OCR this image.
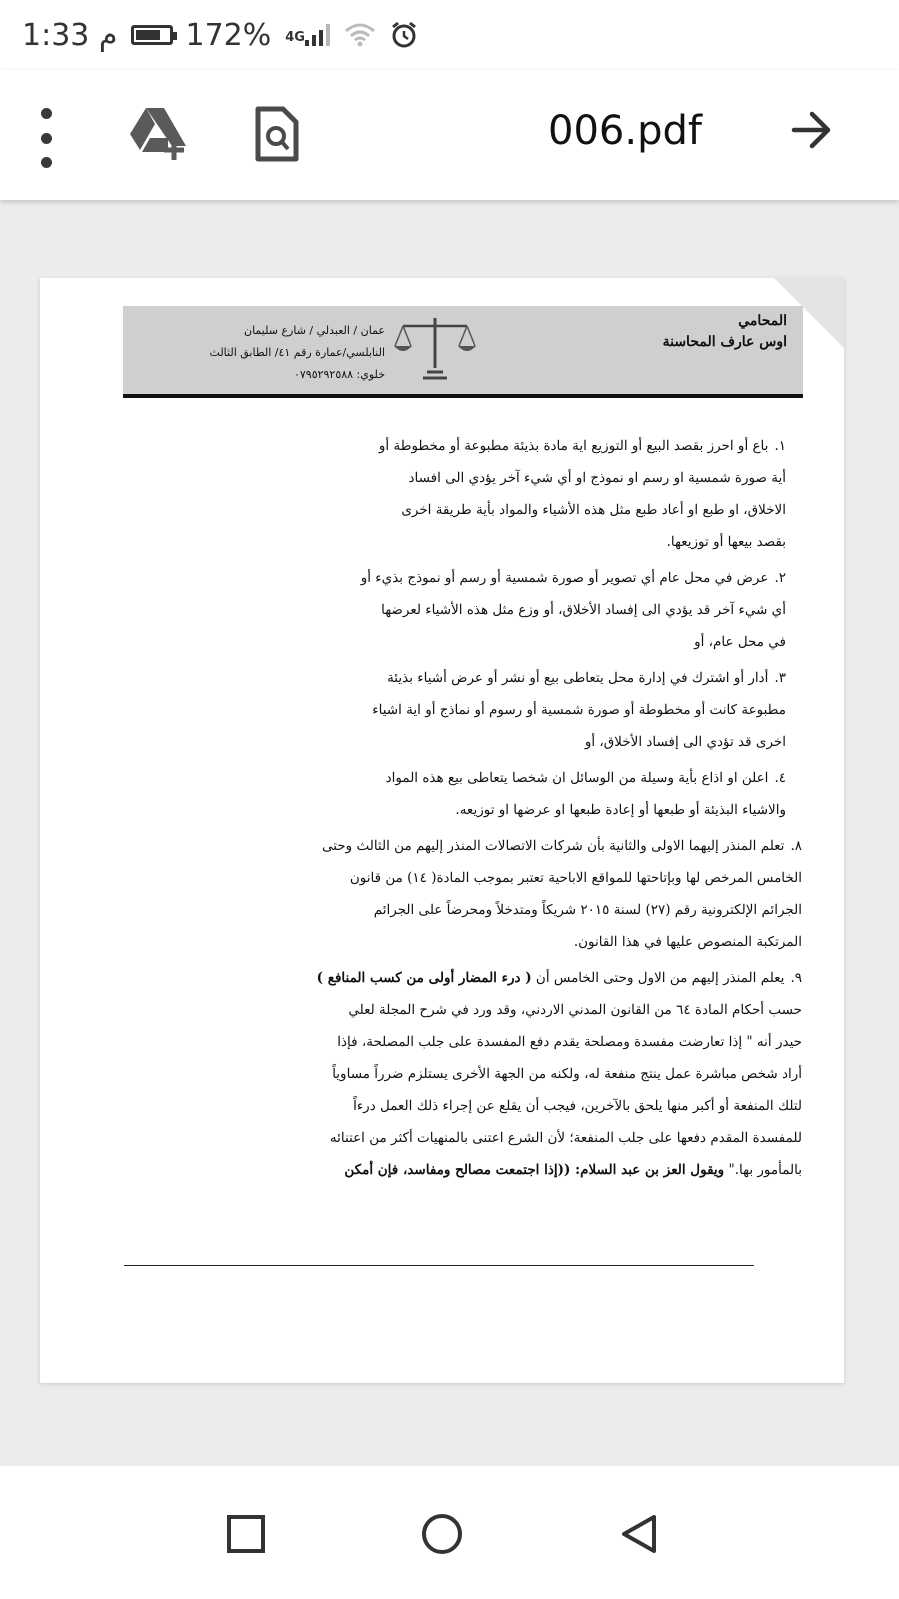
1:33 م 172% 4G
006.pdf
المحامي
اوس عارف المحاسنة
عمان / العبدلي / شارع سليمان
النابلسي/عمارة رقم ٤١/ الطابق الثالث
خلوي: ٠٧٩٥٢٩٢٥٨٨

١.باع أو احرز بقصد البيع أو التوزيع اية مادة بذيئة مطبوعة أو مخطوطة أو
أية صورة شمسية او رسم او نموذج او أي شيء آخر يؤدي الى افساد
الاخلاق، او طبع او أعاد طبع مثل هذه الأشياء والمواد بأية طريقة اخرى
بقصد بيعها أو توزيعها.

٢.عرض في محل عام أي تصوير أو صورة شمسية أو رسم أو نموذج بذيء أو
أي شيء آخر قد يؤدي الى إفساد الأخلاق، أو وزع مثل هذه الأشياء لعرضها
في محل عام، أو

٣.أدار أو اشترك في إدارة محل يتعاطى بيع أو نشر أو عرض أشياء بذيئة
مطبوعة كانت أو مخطوطة أو صورة شمسية أو رسوم أو نماذج أو اية اشياء
اخرى قد تؤدي الى إفساد الأخلاق، أو

٤.اعلن او اذاع بأية وسيلة من الوسائل ان شخصا يتعاطى بيع هذه المواد
والاشياء البذيئة أو طبعها أو إعادة طبعها او عرضها او توزيعه.

٨.تعلم المنذر إليهما الاولى والثانية بأن شركات الاتصالات المنذر إليهم من الثالث وحتى
الخامس المرخص لها وبإتاحتها للمواقع الاباحية تعتبر بموجب المادة( ١٤) من قانون
الجرائم الإلكترونية رقم (٢٧) لسنة ٢٠١٥ شريكاً ومتدخلاً ومحرضاً على الجرائم
المرتكبة المنصوص عليها في هذا القانون.

٩.يعلم المنذر إليهم من الاول وحتى الخامس أن ( درء المضار أولى من كسب المنافع )
حسب أحكام المادة ٦٤ من القانون المدني الاردني، وقد ورد في شرح المجلة لعلي
حيدر أنه " إذا تعارضت مفسدة ومصلحة يقدم دفع المفسدة على جلب المصلحة، فإذا
أراد شخص مباشرة عمل ينتج منفعة له، ولكنه من الجهة الأخرى يستلزم ضرراً مساوياً
لتلك المنفعة أو أكبر منها يلحق بالآخرين، فيجب أن يقلع عن إجراء ذلك العمل درءاً
للمفسدة المقدم دفعها على جلب المنفعة؛ لأن الشرع اعتنى بالمنهيات أكثر من اعتنائه
بالمأمور بها." ويقول العز بن عبد السلام: ((إذا اجتمعت مصالح ومفاسد، فإن أمكن
